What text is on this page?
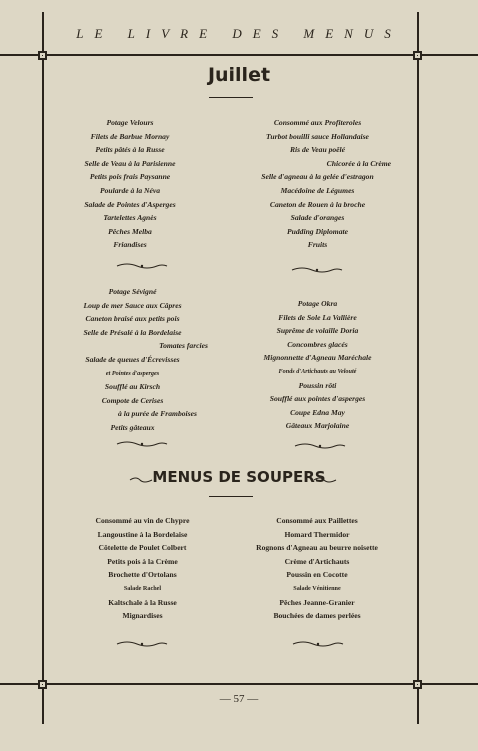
LE LIVRE DES MENUS
Juillet
Potage Velours
Filets de Barbue Mornay
Petits pâtés à la Russe
Selle de Veau à la Parisienne
Petits pois frais Paysanne
Poularde à la Néva
Salade de Pointes d'Asperges
Tartelettes Agnès
Pêches Melba
Friandises
Consommé aux Profiteroles
Turbot bouilli sauce Hollandaise
Ris de Veau poêlé
Chicorée à la Crème
Selle d'agneau à la gelée d'estragon
Macédoine de Légumes
Caneton de Rouen à la broche
Salade d'oranges
Pudding Diplomate
Fruits
Potage Sévigné
Loup de mer Sauce aux Câpres
Caneton braisé aux petits pois
Selle de Présalé à la Bordelaise
Tomates farcies
Salade de queues d'Écrevisses
et Pointes d'asperges
Soufflé au Kirsch
Compote de Cerises
à la purée de Framboises
Petits gâteaux
Potage Okra
Filets de Sole La Vallière
Suprême de volaille Doria
Concombres glacés
Mignonnette d'Agneau Maréchale
Fonds d'Artichauts au Velouté
Poussin rôti
Soufflé aux pointes d'asperges
Coupe Edna May
Gâteaux Marjolaine
MENUS DE SOUPERS
Consommé au vin de Chypre
Langoustine à la Bordelaise
Côtelette de Poulet Colbert
Petits pois à la Crème
Brochette d'Ortolans
Salade Rachel
Kaltschale à la Russe
Mignardises
Consommé aux Paillettes
Homard Thermidor
Rognons d'Agneau au beurre noisette
Crème d'Artichauts
Poussin en Cocotte
Salade Vénitienne
Pêches Jeanne-Granier
Bouchées de dames perlées
— 57 —
